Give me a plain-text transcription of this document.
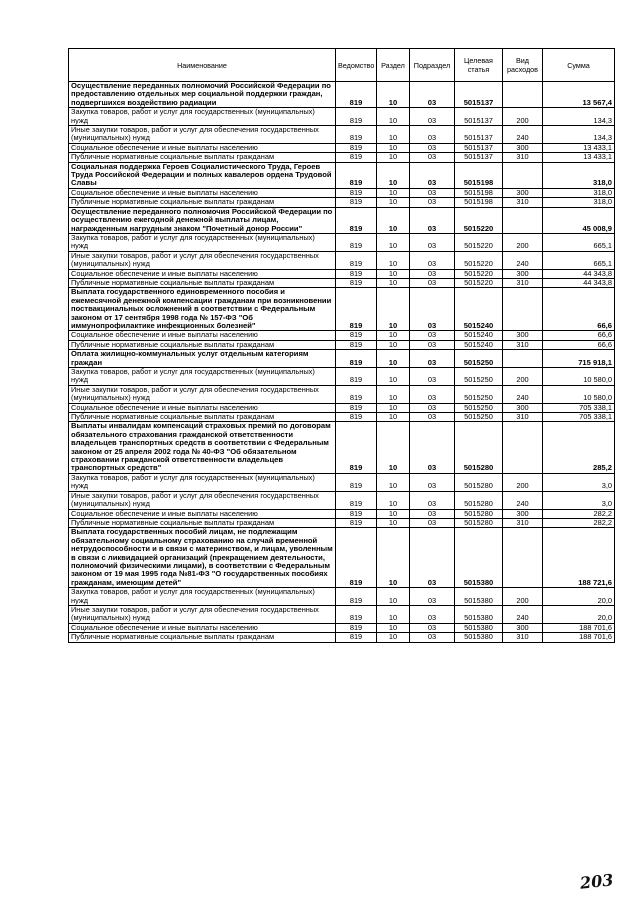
Наименование	Ведомство	Раздел	Подраздел	Целевая статья	Вид расходов	Сумма
Осуществление переданных полномочий Российской Федерации по предоставлению отдельных мер социальной поддержки граждан, подвергшихся воздействию радиации	819	10	03	5015137		13 567,4
Закупка товаров, работ и услуг для государственных (муниципальных) нужд	819	10	03	5015137	200	134,3
Иные закупки товаров, работ и услуг для обеспечения государственных (муниципальных) нужд	819	10	03	5015137	240	134,3
Социальное обеспечение и иные выплаты населению	819	10	03	5015137	300	13 433,1
Публичные нормативные социальные выплаты гражданам	819	10	03	5015137	310	13 433,1
Социальная поддержка Героев Социалистического Труда, Героев Труда Российской Федерации и полных кавалеров ордена Трудовой Славы	819	10	03	5015198		318,0
Социальное обеспечение и иные выплаты населению	819	10	03	5015198	300	318,0
Публичные нормативные социальные выплаты гражданам	819	10	03	5015198	310	318,0
Осуществление переданного полномочия Российской Федерации по осуществлению ежегодной денежной выплаты лицам, награжденным нагрудным знаком "Почетный донор России"	819	10	03	5015220		45 008,9
Закупка товаров, работ и услуг для государственных (муниципальных) нужд	819	10	03	5015220	200	665,1
Иные закупки товаров, работ и услуг для обеспечения государственных (муниципальных) нужд	819	10	03	5015220	240	665,1
Социальное обеспечение и иные выплаты населению	819	10	03	5015220	300	44 343,8
Публичные нормативные социальные выплаты гражданам	819	10	03	5015220	310	44 343,8
Выплата государственного единовременного пособия и ежемесячной денежной компенсации гражданам при возникновении поствакцинальных осложнений в соответствии с Федеральным законом от 17 сентября 1998 года № 157-ФЗ "Об иммунопрофилактике инфекционных болезней"	819	10	03	5015240		66,6
Социальное обеспечение и иные выплаты населению	819	10	03	5015240	300	66,6
Публичные нормативные социальные выплаты гражданам	819	10	03	5015240	310	66,6
Оплата жилищно-коммунальных услуг отдельным категориям граждан	819	10	03	5015250		715 918,1
Закупка товаров, работ и услуг для государственных (муниципальных) нужд	819	10	03	5015250	200	10 580,0
Иные закупки товаров, работ и услуг для обеспечения государственных (муниципальных) нужд	819	10	03	5015250	240	10 580,0
Социальное обеспечение и иные выплаты населению	819	10	03	5015250	300	705 338,1
Публичные нормативные социальные выплаты гражданам	819	10	03	5015250	310	705 338,1
Выплаты инвалидам компенсаций страховых премий по договорам обязательного страхования гражданской ответственности владельцев транспортных средств в соответствии с Федеральным законом от 25 апреля 2002 года № 40-ФЗ "Об обязательном страховании гражданской ответственности владельцев транспортных средств"	819	10	03	5015280		285,2
Закупка товаров, работ и услуг для государственных (муниципальных) нужд	819	10	03	5015280	200	3,0
Иные закупки товаров, работ и услуг для обеспечения государственных (муниципальных) нужд	819	10	03	5015280	240	3,0
Социальное обеспечение и иные выплаты населению	819	10	03	5015280	300	282,2
Публичные нормативные социальные выплаты гражданам	819	10	03	5015280	310	282,2
Выплата государственных пособий лицам, не подлежащим обязательному социальному страхованию на случай временной нетрудоспособности и в связи с материнством, и лицам, уволенным в связи с ликвидацией организаций (прекращением деятельности, полномочий физическими лицами), в соответствии с Федеральным законом от 19 мая 1995 года №81-ФЗ "О государственных пособиях гражданам, имеющим детей"	819	10	03	5015380		188 721,6
Закупка товаров, работ и услуг для государственных (муниципальных) нужд	819	10	03	5015380	200	20,0
Иные закупки товаров, работ и услуг для обеспечения государственных (муниципальных) нужд	819	10	03	5015380	240	20,0
Социальное обеспечение и иные выплаты населению	819	10	03	5015380	300	188 701,6
Публичные нормативные социальные выплаты гражданам	819	10	03	5015380	310	188 701,6
203
